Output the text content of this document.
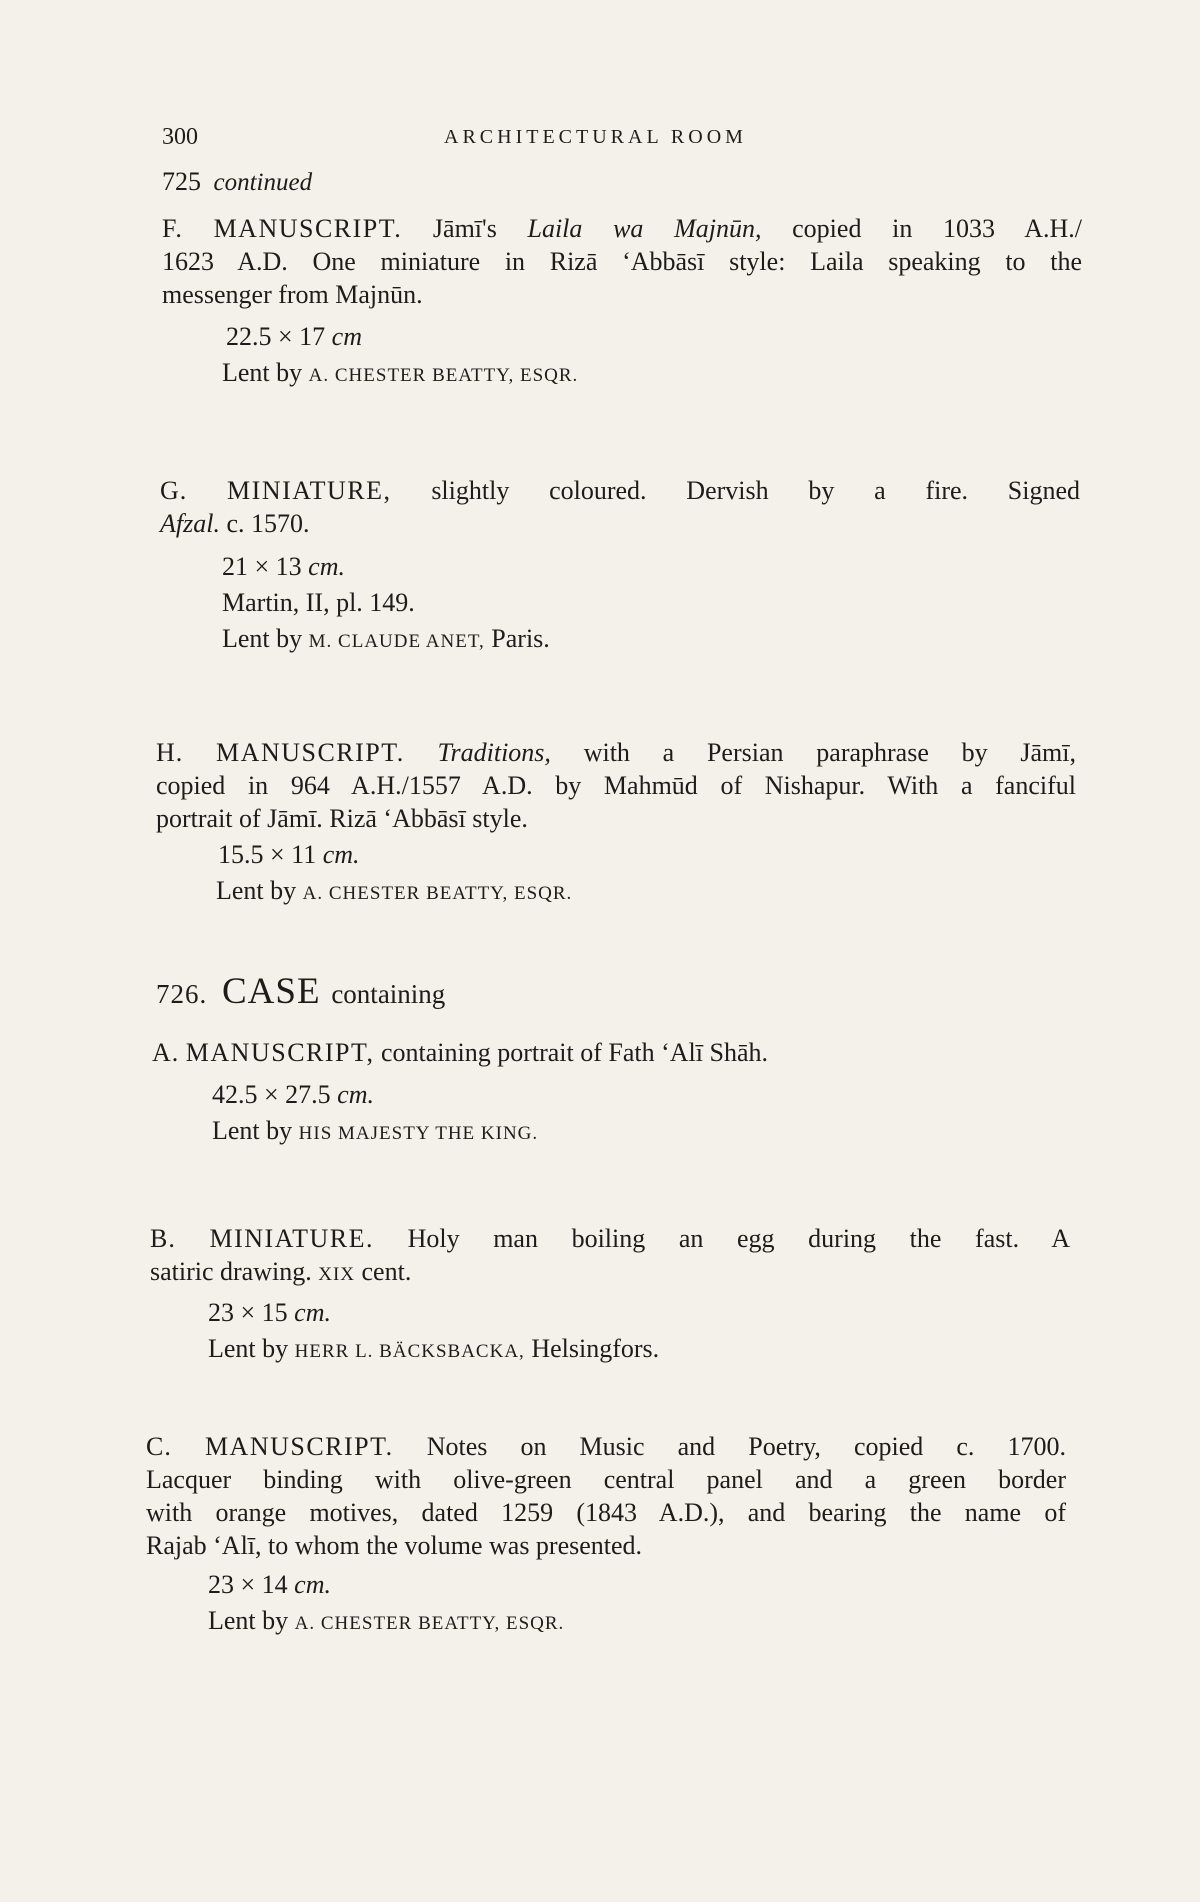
300	ARCHITECTURAL ROOM
725 continued
F. MANUSCRIPT. Jāmī's Laila wa Majnūn, copied in 1033 A.H./
1623 A.D. One miniature in Rizā ‘Abbāsī style: Laila speaking to the
messenger from Majnūn.
22.5 × 17 cm
Lent by A. CHESTER BEATTY, ESQR.
G. MINIATURE, slightly coloured. Dervish by a fire. Signed
Afzal. c. 1570.
21 × 13 cm.
Martin, II, pl. 149.
Lent by M. CLAUDE ANET, Paris.
H. MANUSCRIPT. Traditions, with a Persian paraphrase by Jāmī,
copied in 964 A.H./1557 A.D. by Mahmūd of Nishapur. With a fanciful
portrait of Jāmī. Rizā ‘Abbāsī style.
15.5 × 11 cm.
Lent by A. CHESTER BEATTY, ESQR.
726. CASE containing
A. MANUSCRIPT, containing portrait of Fath ‘Alī Shāh.
42.5 × 27.5 cm.
Lent by HIS MAJESTY THE KING.
B. MINIATURE. Holy man boiling an egg during the fast. A
satiric drawing. XIX cent.
23 × 15 cm.
Lent by HERR L. BÄCKSBACKA, Helsingfors.
C. MANUSCRIPT. Notes on Music and Poetry, copied c. 1700.
Lacquer binding with olive-green central panel and a green border
with orange motives, dated 1259 (1843 A.D.), and bearing the name of
Rajab ‘Alī, to whom the volume was presented.
23 × 14 cm.
Lent by A. CHESTER BEATTY, ESQR.
